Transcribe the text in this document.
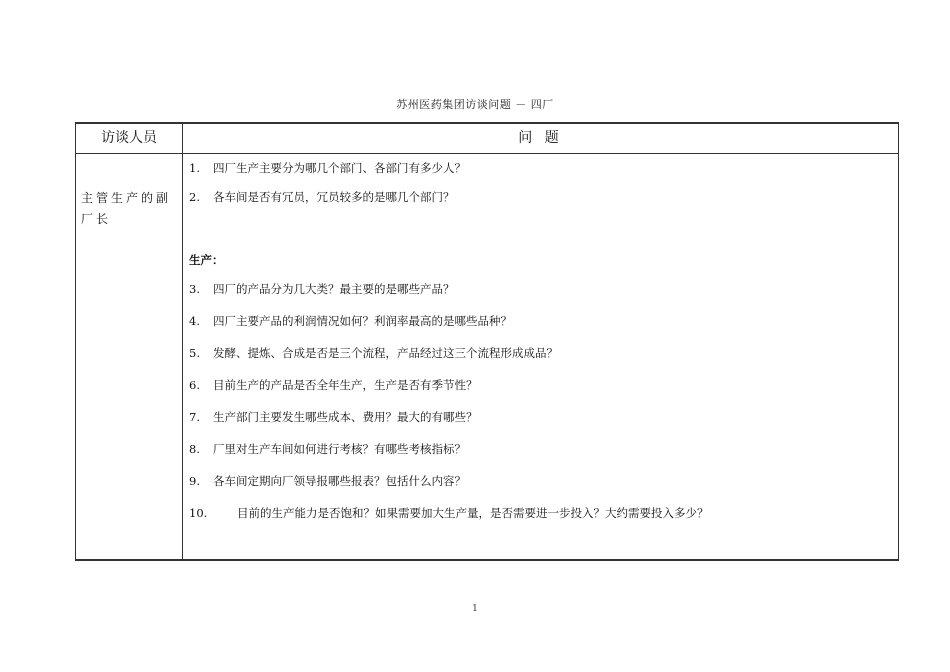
苏州医药集团访谈问题 － 四厂
访谈人员	问 题
主管生产的副厂长
1. 四厂生产主要分为哪几个部门、各部门有多少人？
2. 各车间是否有冗员，冗员较多的是哪几个部门？
生产：
3. 四厂的产品分为几大类？最主要的是哪些产品？
4. 四厂主要产品的利润情况如何？利润率最高的是哪些品种？
5. 发酵、提炼、合成是否是三个流程，产品经过这三个流程形成成品？
6. 目前生产的产品是否全年生产，生产是否有季节性？
7. 生产部门主要发生哪些成本、费用？最大的有哪些？
8. 厂里对生产车间如何进行考核？有哪些考核指标？
9. 各车间定期向厂领导报哪些报表？包括什么内容？
10.	目前的生产能力是否饱和？如果需要加大生产量，是否需要进一步投入？大约需要投入多少？
1
